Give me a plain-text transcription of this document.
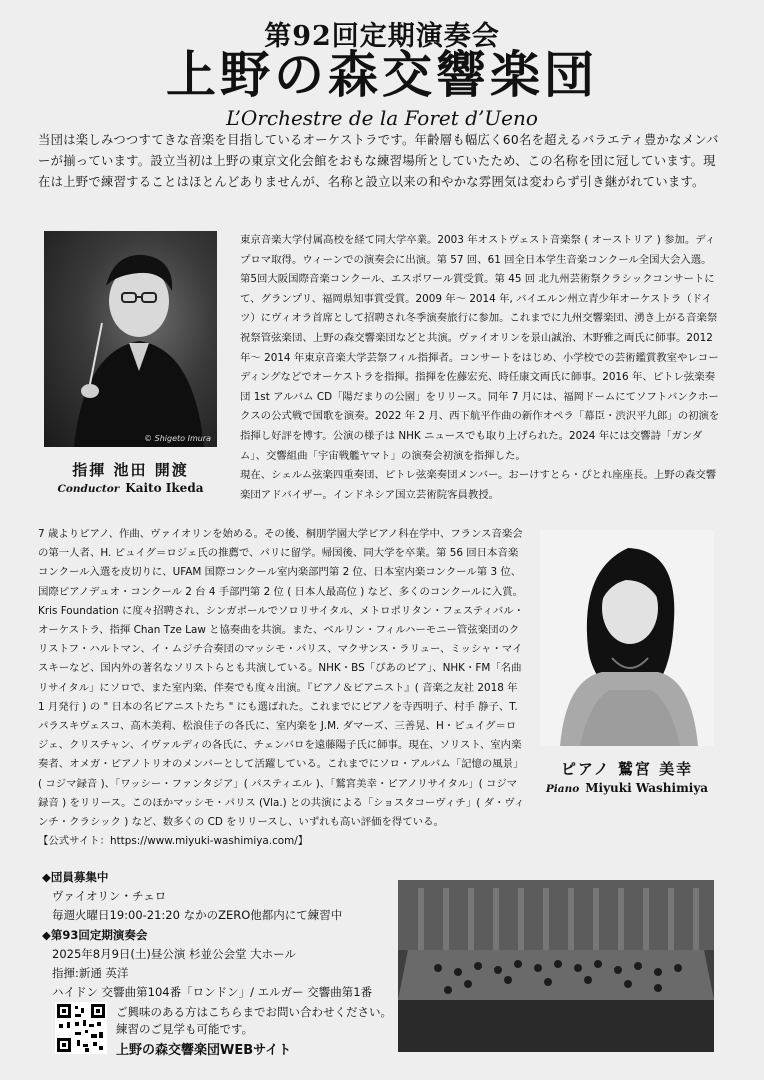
第92回定期演奏会
上野の森交響楽団
L’Orchestre de la Foret d’Ueno
当団は楽しみつつすてきな音楽を目指しているオーケストラです。年齢層も幅広く60名を超えるバラエティ豊かなメンバーが揃っています。設立当初は上野の東京文化会館をおもな練習場所としていたため、この名称を団に冠しています。現在は上野で練習することはほとんどありませんが、名称と設立以来の和やかな雰囲気は変わらず引き継がれています。
© Shigeto Imura

東京音楽大学付属高校を経て同大学卒業。2003 年オストヴェスト音楽祭 ( オーストリア ) 参加。ディプロマ取得。ウィーンでの演奏会に出演。第 57 回、61 回全日本学生音楽コンクール全国大会入選。第5回大阪国際音楽コンクール、エスポワール賞受賞。第 45 回 北九州芸術祭クラシックコンサートにて、グランプリ、福岡県知事賞受賞。2009 年～ 2014 年, バイエルン州立青少年オーケストラ（ドイツ）にヴィオラ首席として招聘され冬季演奏旅行に参加。これまでに九州交響楽団、湧き上がる音楽祭祝祭管弦楽団、上野の森交響楽団などと共演。ヴァイオリンを景山誠治、木野雅之両氏に師事。2012 年～ 2014 年東京音楽大学芸祭フィル指揮者。コンサートをはじめ、小学校での芸術鑑賞教室やレコーディングなどでオーケストラを指揮。指揮を佐藤宏充、時任康文両氏に師事。2016 年、ピトレ弦楽奏団 1st アルバム CD「陽だまりの公園」をリリース。同年 7 月には、福岡ドームにてソフトバンクホークスの公式戦で国歌を演奏。2022 年 2 月、西下航平作曲の新作オペラ「幕臣・渋沢平九郎」の初演を指揮し好評を博す。公演の様子は NHK ニュースでも取り上げられた。2024 年には交響詩「ガンダム」、交響組曲「宇宙戦艦ヤマト」の演奏会初演を指揮した。

現在、シェルム弦楽四重奏団、ピトレ弦楽奏団メンバー。おーけすとら・ぴとれ座座長。上野の森交響楽団アドバイザー。インドネシア国立芸術院客員教授。

指揮 池田 開渡
Conductor Kaito Ikeda

7 歳よりピアノ、作曲、ヴァイオリンを始める。その後、桐朋学園大学ピアノ科在学中、フランス音楽会の第一人者、H. ピュイグ＝ロジェ氏の推薦で、パリに留学。帰国後、同大学を卒業。第 56 回日本音楽コンクール入選を皮切りに、UFAM 国際コンクール室内楽部門第 2 位、日本室内楽コンクール第 3 位、国際ピアノデュオ・コンクール 2 台 4 手部門第 2 位 ( 日本人最高位 ) など、多くのコンクールに入賞。Kris Foundation に度々招聘され、シンガポールでソロリサイタル、メトロポリタン・フェスティバル・オーケストラ、指揮 Chan Tze Law と協奏曲を共演。また、ベルリン・フィルハーモニー管弦楽団のクリストフ・ハルトマン、イ・ムジチ合奏団のマッシモ・パリス、マクサンス・ラリュー、ミッシャ・マイスキーなど、国内外の著名なソリストらとも共演している。NHK・BS「ぴあのピア」、NHK・FM「名曲リサイタル」にソロで、また室内楽、伴奏でも度々出演。『ピアノ＆ピアニスト』( 音楽之友社 2018 年 1 月発行 ) の " 日本の名ピアニストたち " にも選ばれた。これまでにピアノを寺西明子、村手 静子、T. パラスキヴェスコ、高木美莉、松浪佳子の各氏に、室内楽を J.M. ダマーズ、三善晃、H・ピュイグ＝ロジェ、クリスチャン、イヴァルディの各氏に、チェンバロを遠藤陽子氏に師事。現在、ソリスト、室内楽奏者、オメガ・ピアノトリオのメンバーとして活躍している。これまでにソロ・アルバム「記憶の風景」( コジマ録音 )、「ワッシー・ファンタジア」( パスティエル )、「鷲宮美幸・ピアノリサイタル」( コジマ録音 ) をリリース。このほかマッシモ・パリス (Vla.) との共演による「ショスタコーヴィチ」( ダ・ヴィンチ・クラシック ) など、数多くの CD をリリースし、いずれも高い評価を得ている。

【公式サイト：https://www.miyuki-washimiya.com/】

ピアノ 鷲宮 美幸
Piano Miyuki Washimiya
◆団員募集中
ヴァイオリン・チェロ
毎週火曜日19:00-21:20 なかのZERO他都内にて練習中
◆第93回定期演奏会
2025年8月9日(土)昼公演 杉並公会堂 大ホール
指揮:新通 英洋
ハイドン 交響曲第104番「ロンドン」/ エルガー 交響曲第1番
ご興味のある方はこちらまでお問い合わせください。
練習のご見学も可能です。
上野の森交響楽団WEBサイト
